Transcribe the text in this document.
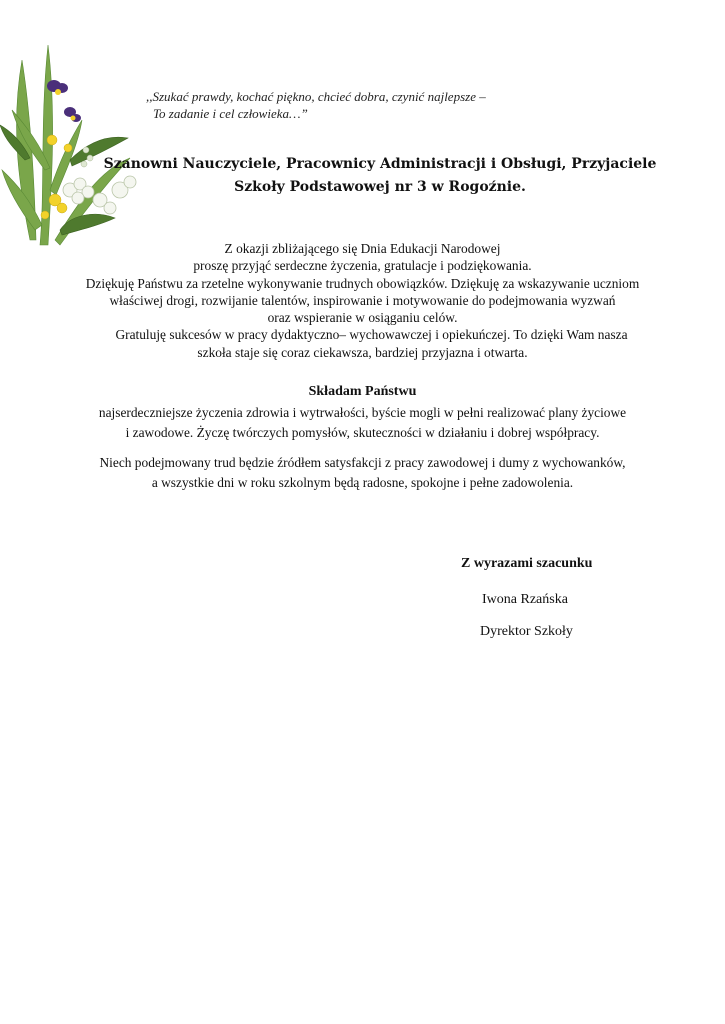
,,Szukać prawdy, kochać piękno, chcieć dobra, czynić najlepsze –
To zadanie i cel człowieka…”
Szanowni Nauczyciele, Pracownicy Administracji i Obsługi, Przyjaciele
Szkoły Podstawowej nr 3 w Rogoźnie.
Z okazji zbliżającego się Dnia Edukacji Narodowej
proszę przyjąć serdeczne życzenia, gratulacje i podziękowania.
Dziękuję Państwu za rzetelne wykonywanie trudnych obowiązków. Dziękuję za wskazywanie uczniom
właściwej drogi, rozwijanie talentów, inspirowanie i motywowanie do podejmowania wyzwań
oraz wspieranie w osiąganiu celów.
Gratuluję sukcesów w pracy dydaktyczno– wychowawczej i opiekuńczej. To dzięki Wam nasza
szkoła staje się coraz ciekawsza, bardziej przyjazna i otwarta.
Składam Państwu
najserdeczniejsze życzenia zdrowia i wytrwałości, byście mogli w pełni realizować plany życiowe
i zawodowe. Życzę twórczych pomysłów, skuteczności w działaniu i dobrej współpracy.
Niech podejmowany trud będzie źródłem satysfakcji z pracy zawodowej i dumy z wychowanków,
a wszystkie dni w roku szkolnym będą radosne, spokojne i pełne zadowolenia.
Z wyrazami szacunku
Iwona Rzańska
Dyrektor Szkoły
